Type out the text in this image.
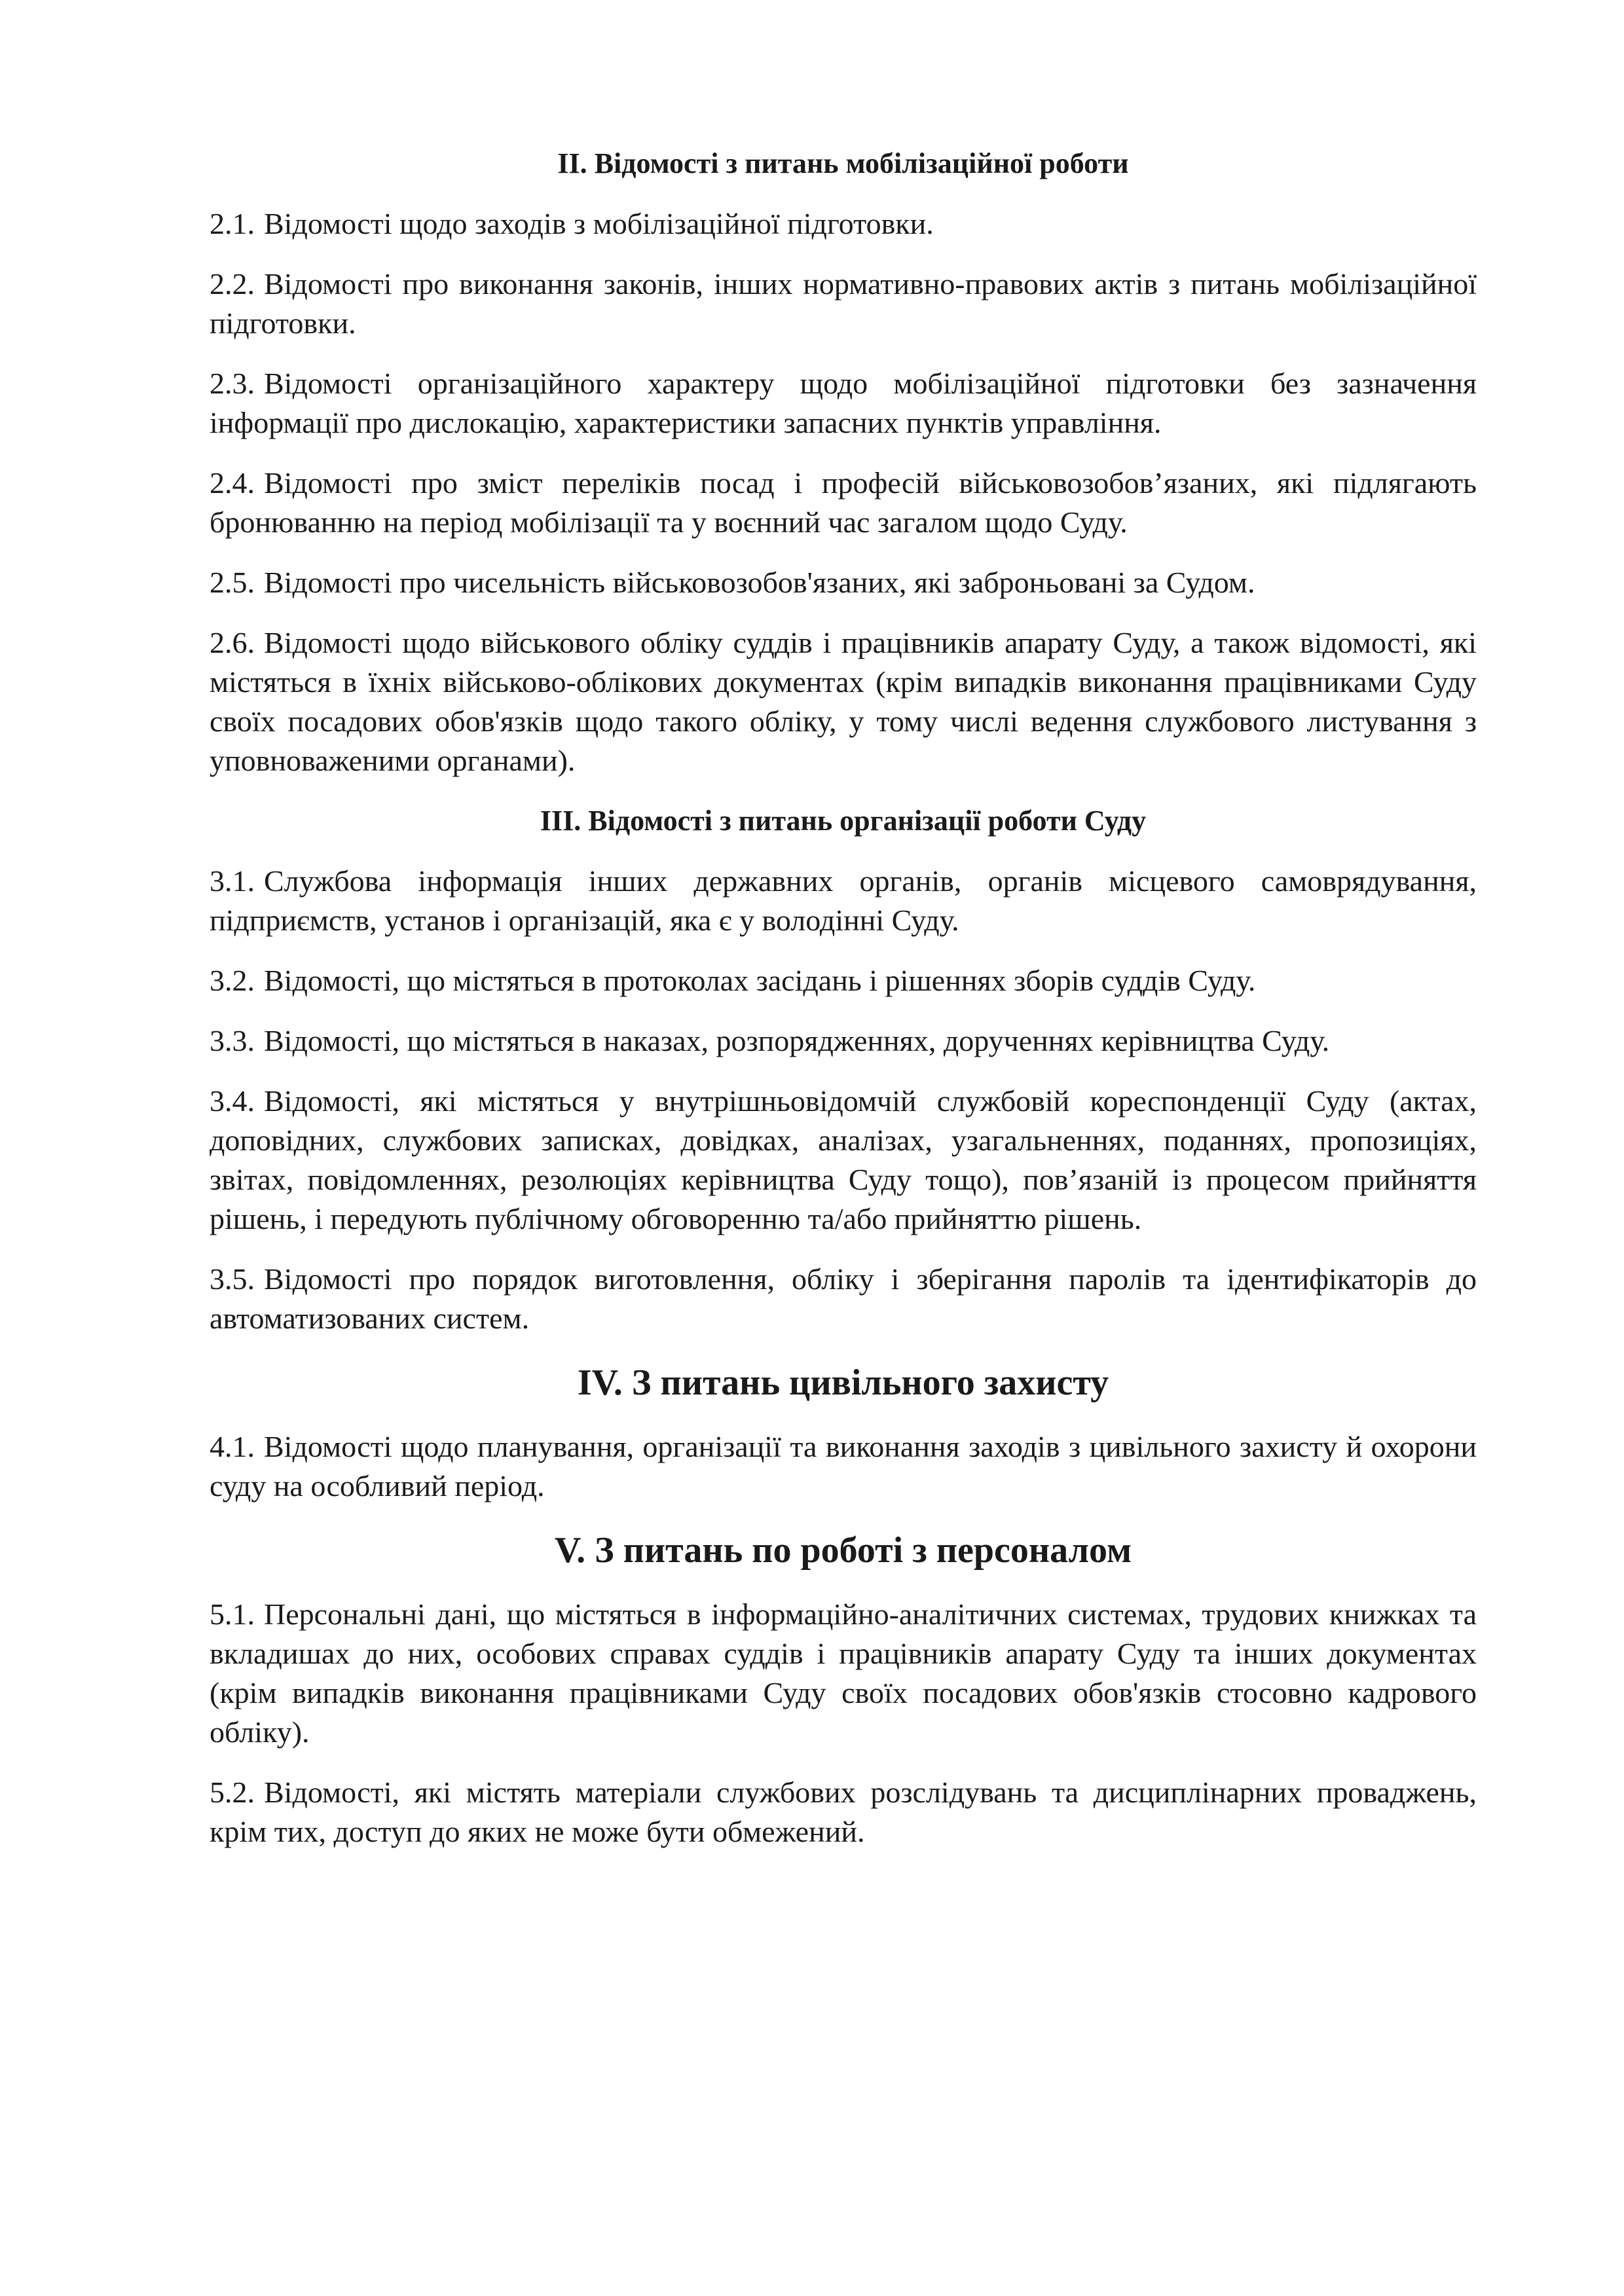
ІІ. Відомості з питань мобілізаційної роботи

2.1. Відомості щодо заходів з мобілізаційної підготовки.

2.2. Відомості про виконання законів, інших нормативно-правових актів з питань мобілізаційної підготовки.

2.3. Відомості організаційного характеру щодо мобілізаційної підготовки без зазначення інформації про дислокацію, характеристики запасних пунктів управління.

2.4. Відомості про зміст переліків посад і професій військовозобов’язаних, які підлягають бронюванню на період мобілізації та у воєнний час загалом щодо Суду.

2.5. Відомості про чисельність військовозобов'язаних, які заброньовані за Судом.

2.6. Відомості щодо військового обліку суддів і працівників апарату Суду, а також відомості, які містяться в їхніх військово-облікових документах (крім випадків виконання працівниками Суду своїх посадових обов'язків щодо такого обліку, у тому числі ведення службового листування з уповноваженими органами).

ІІІ. Відомості з питань організації роботи Суду

3.1. Службова інформація інших державних органів, органів місцевого самоврядування, підприємств, установ і організацій, яка є у володінні Суду.

3.2. Відомості, що містяться в протоколах засідань і рішеннях зборів суддів Суду.

3.3. Відомості, що містяться в наказах, розпорядженнях, дорученнях керівництва Суду.

3.4. Відомості, які містяться у внутрішньовідомчій службовій кореспонденції Суду (актах, доповідних, службових записках, довідках, аналізах, узагальненнях, поданнях, пропозиціях, звітах, повідомленнях, резолюціях керівництва Суду тощо), пов’язаній із процесом прийняття рішень, і передують публічному обговоренню та/або прийняттю рішень.

3.5. Відомості про порядок виготовлення, обліку і зберігання паролів та ідентифікаторів до автоматизованих систем.

ІV. З питань цивільного захисту

4.1. Відомості щодо планування, організації та виконання заходів з цивільного захисту й охорони суду на особливий період.

V. З питань по роботі з персоналом

5.1. Персональні дані, що містяться в інформаційно-аналітичних системах, трудових книжках та вкладишах до них, особових справах суддів і працівників апарату Суду та інших документах (крім випадків виконання працівниками Суду своїх посадових обов'язків стосовно кадрового обліку).

5.2. Відомості, які містять матеріали службових розслідувань та дисциплінарних проваджень, крім тих, доступ до яких не може бути обмежений.
